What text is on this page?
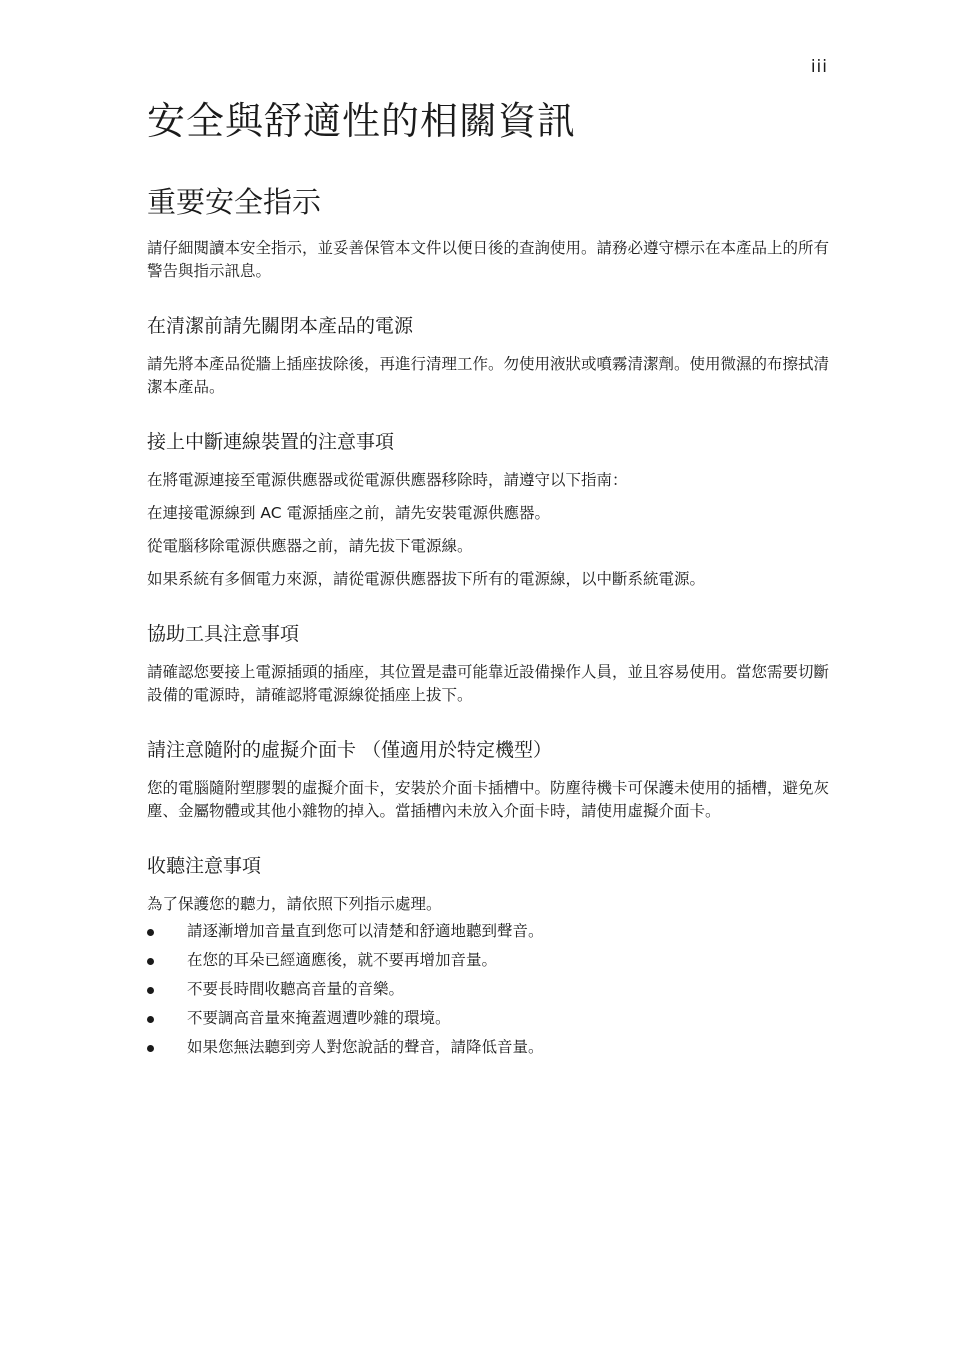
iii
安全與舒適性的相關資訊
重要安全指示

請仔細閱讀本安全指示，並妥善保管本文件以便日後的查詢使用。請務必遵守標示在本產品上的所有警告與指示訊息。

在清潔前請先關閉本產品的電源

請先將本產品從牆上插座拔除後，再進行清理工作。勿使用液狀或噴霧清潔劑。使用微濕的布擦拭清潔本產品。

接上中斷連線裝置的注意事項

在將電源連接至電源供應器或從電源供應器移除時，請遵守以下指南：

在連接電源線到 AC 電源插座之前，請先安裝電源供應器。

從電腦移除電源供應器之前，請先拔下電源線。

如果系統有多個電力來源，請從電源供應器拔下所有的電源線，以中斷系統電源。

協助工具注意事項

請確認您要接上電源插頭的插座，其位置是盡可能靠近設備操作人員，並且容易使用。當您需要切斷設備的電源時，請確認將電源線從插座上拔下。

請注意隨附的虛擬介面卡 （僅適用於特定機型）

您的電腦隨附塑膠製的虛擬介面卡，安裝於介面卡插槽中。防塵待機卡可保護未使用的插槽，避免灰塵、金屬物體或其他小雜物的掉入。當插槽內未放入介面卡時，請使用虛擬介面卡。

收聽注意事項

為了保護您的聽力，請依照下列指示處理。

請逐漸增加音量直到您可以清楚和舒適地聽到聲音。
在您的耳朵已經適應後，就不要再增加音量。
不要長時間收聽高音量的音樂。
不要調高音量來掩蓋週遭吵雜的環境。
如果您無法聽到旁人對您說話的聲音，請降低音量。
